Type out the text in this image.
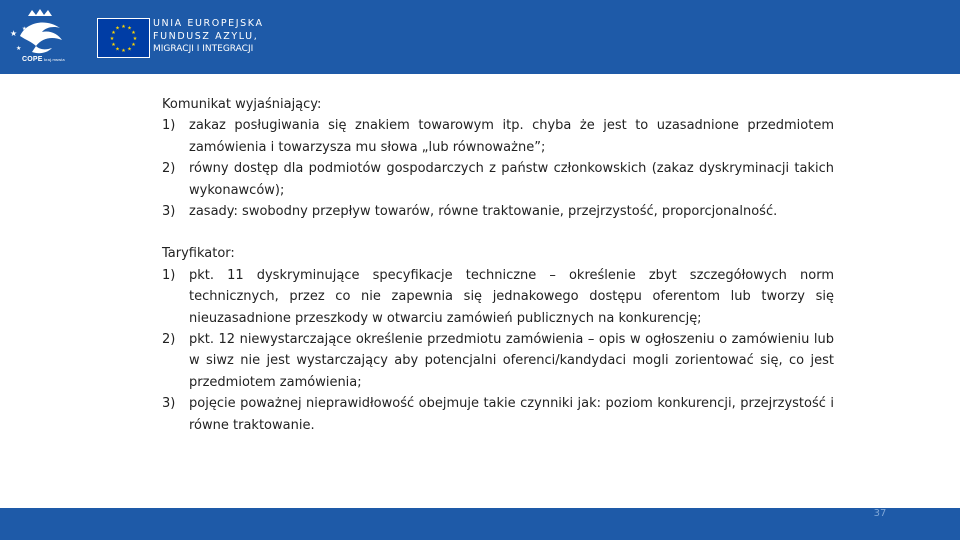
★
★
★
COPE kraj.mswia
★ ★
★
★
★
★
★
★
★
★
★
★	UNIA EUROPEJSKA
FUNDUSZ AZYLU,
MIGRACJI I INTEGRACJI
Komunikat wyjaśniający:
1) zakaz posługiwania się znakiem towarowym itp. chyba że jest to uzasadnione przedmiotem zamówienia i towarzysza mu słowa „lub równoważne”;
2) równy dostęp dla podmiotów gospodarczych z państw członkowskich (zakaz dyskryminacji takich wykonawców);
3) zasady: swobodny przepływ towarów, równe traktowanie, przejrzystość, proporcjonalność.
Taryfikator:
1) pkt. 11 dyskryminujące specyfikacje techniczne – określenie zbyt szczegółowych norm technicznych, przez co nie zapewnia się jednakowego dostępu oferentom lub tworzy się nieuzasadnione przeszkody w otwarciu zamówień publicznych na konkurencję;
2) pkt. 12 niewystarczające określenie przedmiotu zamówienia – opis w ogłoszeniu o zamówieniu lub w siwz nie jest wystarczający aby potencjalni oferenci/kandydaci mogli zorientować się, co jest przedmiotem zamówienia;
3) pojęcie poważnej nieprawidłowość obejmuje takie czynniki jak: poziom konkurencji, przejrzystość i równe traktowanie.
37
